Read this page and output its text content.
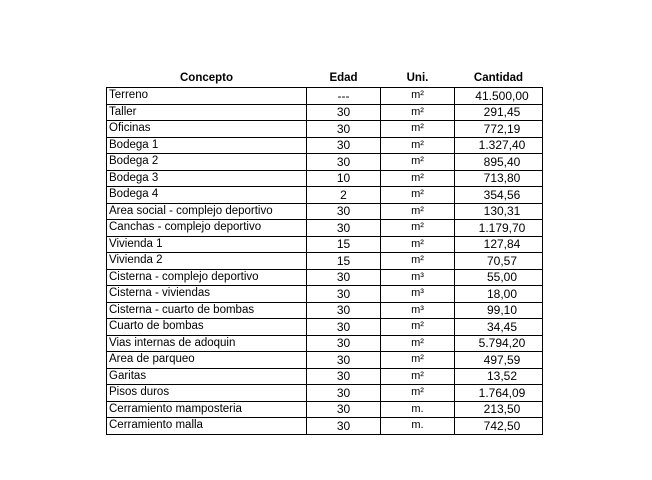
Concepto	Edad	Uni.	Cantidad
Terreno	---	m²	41.500,00
Taller	30	m²	291,45
Oficinas	30	m²	772,19
Bodega 1	30	m²	1.327,40
Bodega 2	30	m²	895,40
Bodega 3	10	m²	713,80
Bodega 4	2	m²	354,56
Area social - complejo deportivo	30	m²	130,31
Canchas - complejo deportivo	30	m²	1.179,70
Vivienda 1	15	m²	127,84
Vivienda 2	15	m²	70,57
Cisterna - complejo deportivo	30	m³	55,00
Cisterna - viviendas	30	m³	18,00
Cisterna - cuarto de bombas	30	m³	99,10
Cuarto de bombas	30	m²	34,45
Vias internas de adoquin	30	m²	5.794,20
Area de parqueo	30	m²	497,59
Garitas	30	m²	13,52
Pisos duros	30	m²	1.764,09
Cerramiento mamposteria	30	m.	213,50
Cerramiento malla	30	m.	742,50
